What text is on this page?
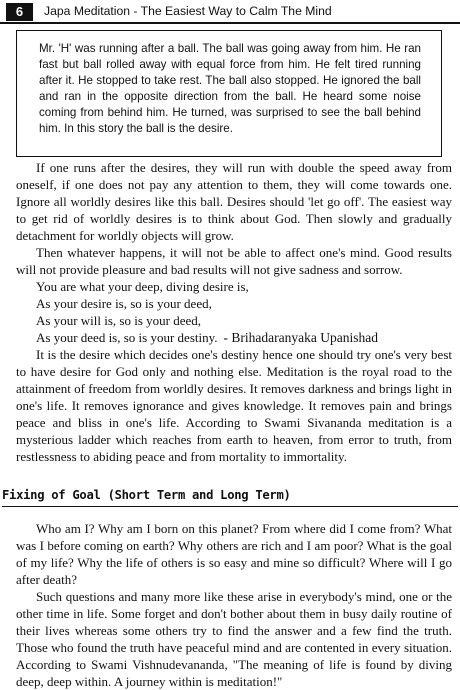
6	Japa Meditation - The Easiest Way to Calm The Mind
Mr. 'H' was running after a ball. The ball was going away from him. He ran fast but ball rolled away with equal force from him. He felt tired running after it. He stopped to take rest. The ball also stopped. He ignored the ball and ran in the opposite direction from the ball. He heard some noise coming from behind him. He turned, was surprised to see the ball behind him. In this story the ball is the desire.

If one runs after the desires, they will run with double the speed away from oneself, if one does not pay any attention to them, they will come towards one. Ignore all worldly desires like this ball. Desires should 'let go off'. The easiest way to get rid of worldly desires is to think about God. Then slowly and gradually detachment for worldly objects will grow.

Then whatever happens, it will not be able to affect one's mind. Good results will not provide pleasure and bad results will not give sadness and sorrow.

You are what your deep, diving desire is,

As your desire is, so is your deed,

As your will is, so is your deed,

As your deed is, so is your destiny. - Brihadaranyaka Upanishad

It is the desire which decides one's destiny hence one should try one's very best to have desire for God only and nothing else. Meditation is the royal road to the attainment of freedom from worldly desires. It removes darkness and brings light in one's life. It removes ignorance and gives knowledge. It removes pain and brings peace and bliss in one's life. According to Swami Sivananda meditation is a mysterious ladder which reaches from earth to heaven, from error to truth, from restlessness to abiding peace and from mortality to immortality.

Fixing of Goal (Short Term and Long Term)

Who am I? Why am I born on this planet? From where did I come from? What was I before coming on earth? Why others are rich and I am poor? What is the goal of my life? Why the life of others is so easy and mine so difficult? Where will I go after death?

Such questions and many more like these arise in everybody's mind, one or the other time in life. Some forget and don't bother about them in busy daily routine of their lives whereas some others try to find the answer and a few find the truth. Those who found the truth have peaceful mind and are contented in every situation. According to Swami Vishnudevananda, "The meaning of life is found by diving deep, deep within. A journey within is meditation!"
